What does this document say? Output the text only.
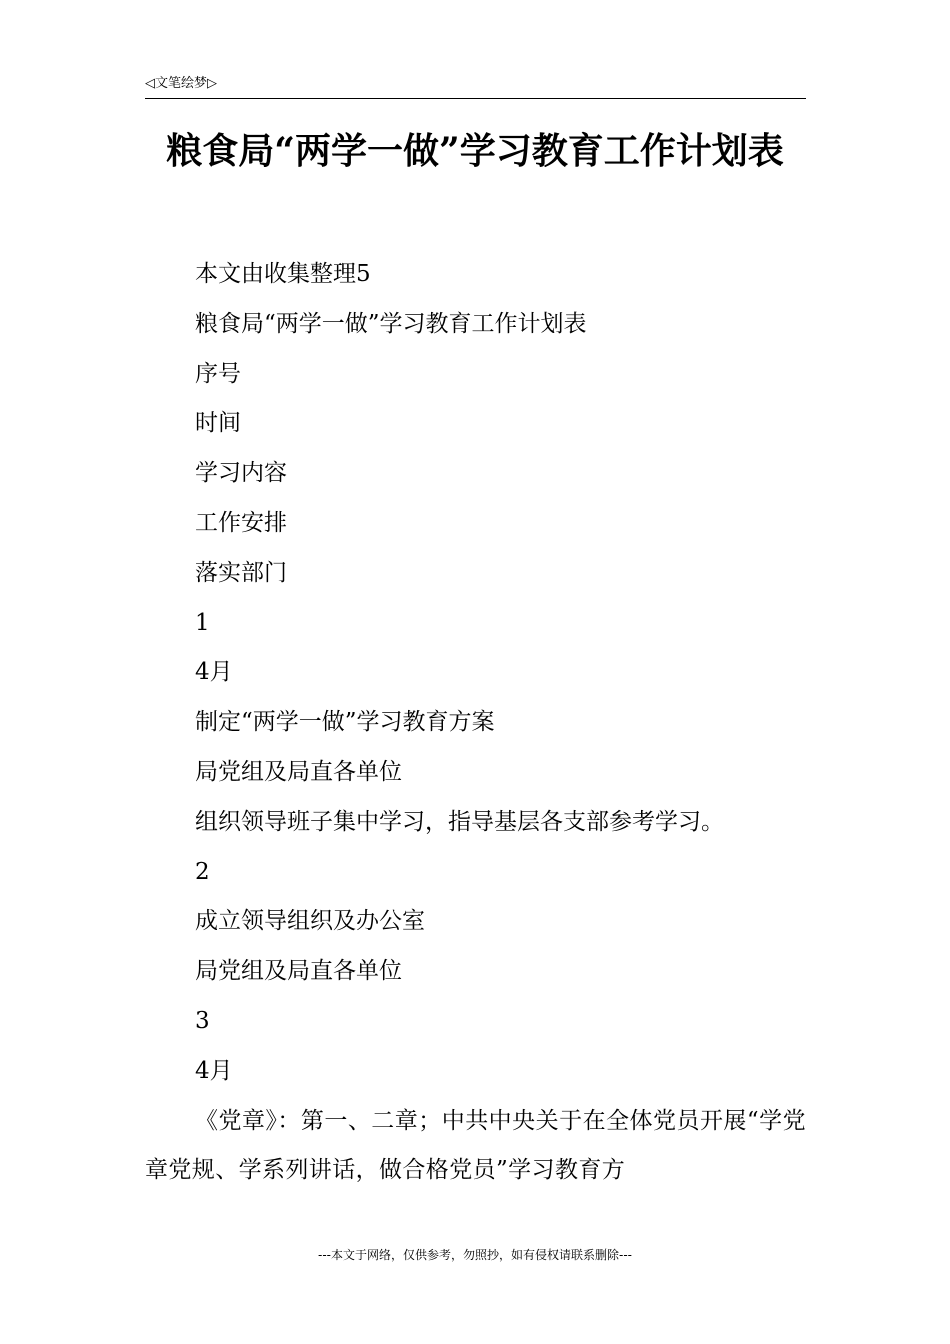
◁文笔绘梦▷
粮食局“两学一做”学习教育工作计划表

本文由收集整理5

粮食局“两学一做”学习教育工作计划表

序号

时间

学习内容

工作安排

落实部门

1

4月

制定“两学一做”学习教育方案

局党组及局直各单位

组织领导班子集中学习，指导基层各支部参考学习。

2

成立领导组织及办公室

局党组及局直各单位

3

4月

《党章》：第一、二章；中共中央关于在全体党员开展“学党章党规、学系列讲话，做合格党员”学习教育方

---本文于网络，仅供参考，勿照抄，如有侵权请联系删除---
